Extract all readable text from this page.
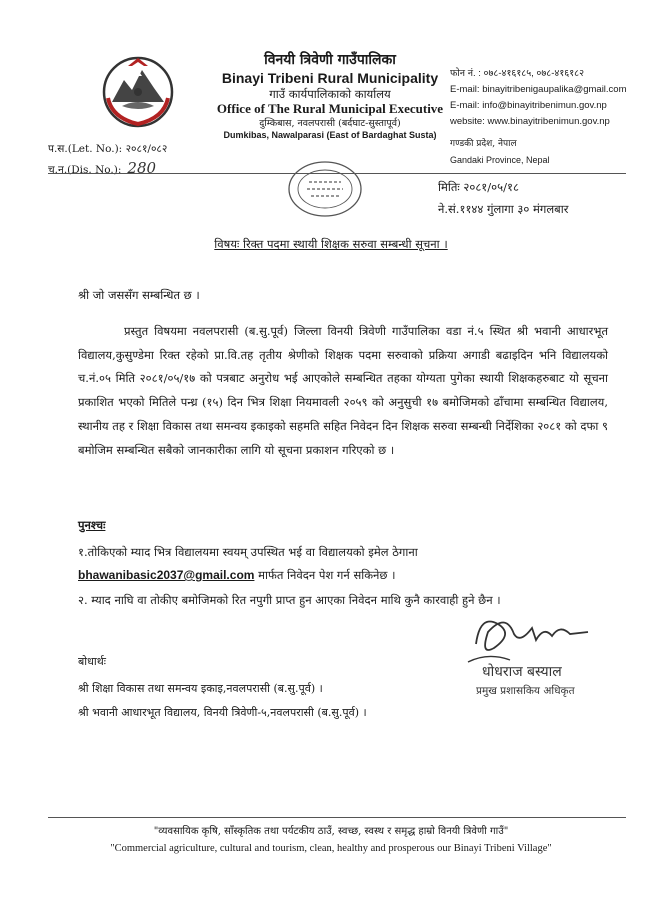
विनयी त्रिवेणी गाउँपालिका
Binayi Tribeni Rural Municipality
गाउँ कार्यपालिकाको कार्यालय
Office of The Rural Municipal Executive
दुम्किबास, नवलपरासी (बर्दघाट-सुस्तापूर्व)
Dumkibas, Nawalparasi (East of Bardaghat Susta)
फोन नं. : ०७८-४१६१८५, ०७८-४१६१८२
E-mail: binayitribenigaupalika@gmail.com
E-mail: info@binayitribenimun.gov.np
website: www.binayitribenimun.gov.np
गण्डकी प्रदेश, नेपाल
Gandaki Province, Nepal
प.स.(Let. No.): २०८१/०८२
च.न.(Dis. No.): 280
मितिः २०८१/०५/१८
ने.सं.११४४ गुंलागा ३० मंगलबार
विषयः रिक्त पदमा स्थायी शिक्षक सरुवा सम्बन्धी सूचना ।
श्री जो जससँग सम्बन्धित छ ।
प्रस्तुत विषयमा नवलपरासी (ब.सु.पूर्व) जिल्ला विनयी त्रिवेणी गाउँपालिका वडा नं.५ स्थित श्री भवानी आधारभूत विद्यालय,कुसुण्डेमा रिक्त रहेको प्रा.वि.तह तृतीय श्रेणीको शिक्षक पदमा सरुवाको प्रक्रिया अगाडी बढाइदिन भनि विद्यालयको च.नं.०५ मिति २०८१/०५/१७ को पत्रबाट अनुरोध भई आएकोले सम्बन्धित तहका योग्यता पुगेका स्थायी शिक्षकहरुबाट यो सूचना प्रकाशित भएको मितिले पन्ध्र (१५) दिन भित्र शिक्षा नियमावली २०५९ को अनुसुची १७ बमोजिमको ढाँचामा सम्बन्धित विद्यालय, स्थानीय तह र शिक्षा विकास तथा समन्वय इकाइको सहमति सहित निवेदन दिन शिक्षक सरुवा सम्बन्धी निर्देशिका २०८१ को दफा ९ बमोजिम सम्बन्धित सबैको जानकारीका लागि यो सूचना प्रकाशन गरिएको छ ।
पुनश्चः
१.तोकिएको म्याद भित्र विद्यालयमा स्वयम् उपस्थित भई वा विद्यालयको इमेल ठेगाना
bhawanibasic2037@gmail.com मार्फत निवेदन पेश गर्न सकिनेछ ।
२. म्याद नाघि वा तोकीए बमोजिमको रित नपुगी प्राप्त हुन आएका निवेदन माथि कुनै कारवाही हुने छैन ।
धोधराज बस्याल
प्रमुख प्रशासकिय अधिकृत
बोधार्थः
श्री शिक्षा विकास तथा समन्वय इकाइ,नवलपरासी (ब.सु.पूर्व) ।
श्री भवानी आधारभूत विद्यालय, विनयी त्रिवेणी-५,नवलपरासी (ब.सु.पूर्व) ।
"व्यवसायिक कृषि, साँस्कृतिक तथा पर्यटकीय ठाउँ, स्वच्छ, स्वस्थ र समृद्ध हाम्रो विनयी त्रिवेणी गाउँ"
"Commercial agriculture, cultural and tourism, clean, healthy and prosperous our Binayi Tribeni Village"
